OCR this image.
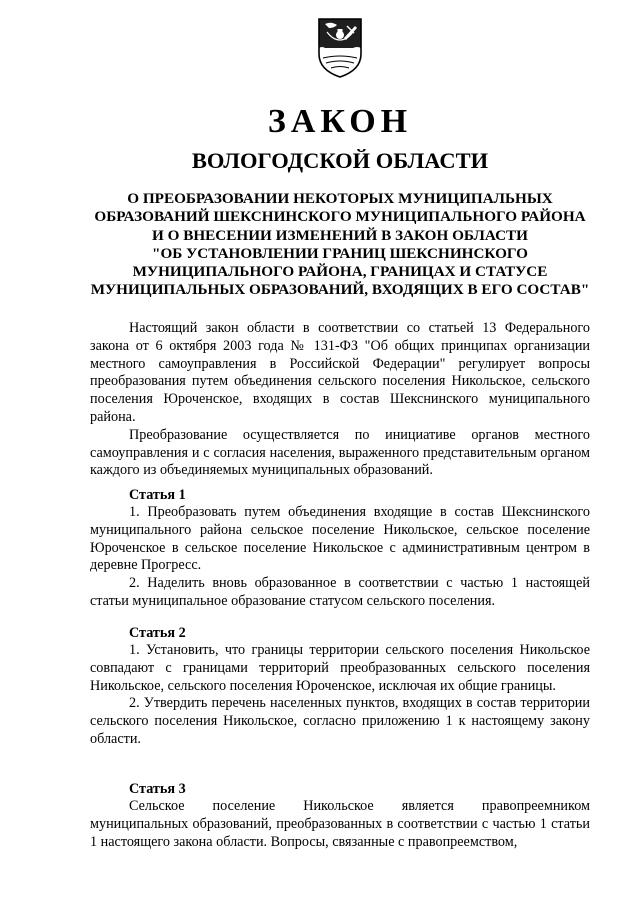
ЗАКОН
ВОЛОГОДСКОЙ ОБЛАСТИ
О ПРЕОБРАЗОВАНИИ НЕКОТОРЫХ МУНИЦИПАЛЬНЫХ
ОБРАЗОВАНИЙ ШЕКСНИНСКОГО МУНИЦИПАЛЬНОГО РАЙОНА
И О ВНЕСЕНИИ ИЗМЕНЕНИЙ В ЗАКОН ОБЛАСТИ
"ОБ УСТАНОВЛЕНИИ ГРАНИЦ ШЕКСНИНСКОГО
МУНИЦИПАЛЬНОГО РАЙОНА, ГРАНИЦАХ И СТАТУСЕ
МУНИЦИПАЛЬНЫХ ОБРАЗОВАНИЙ, ВХОДЯЩИХ В ЕГО СОСТАВ"

Настоящий закон области в соответствии со статьей 13 Федерального закона от 6 октября 2003 года № 131-ФЗ "Об общих принципах организации местного самоуправления в Российской Федерации" регулирует вопросы преобразования путем объединения сельского поселения Никольское, сельского поселения Юроченское, входящих в состав Шекснинского муниципального района.

Преобразование осуществляется по инициативе органов местного самоуправления и с согласия населения, выраженного представительным органом каждого из объединяемых муниципальных образований.

Статья 1

1. Преобразовать путем объединения входящие в состав Шекснинского муниципального района сельское поселение Никольское, сельское поселение Юроченское в сельское поселение Никольское с административным центром в деревне Прогресс.

2. Наделить вновь образованное в соответствии с частью 1 настоящей статьи муниципальное образование статусом сельского поселения.

Статья 2

1. Установить, что границы территории сельского поселения Никольское совпадают с границами территорий преобразованных сельского поселения Никольское, сельского поселения Юроченское, исключая их общие границы.

2. Утвердить перечень населенных пунктов, входящих в состав территории сельского поселения Никольское, согласно приложению 1 к настоящему закону области.

Статья 3

Сельское поселение Никольское является правопреемником муниципальных образований, преобразованных в соответствии с частью 1 статьи 1 настоящего закона области. Вопросы, связанные с правопреемством,
